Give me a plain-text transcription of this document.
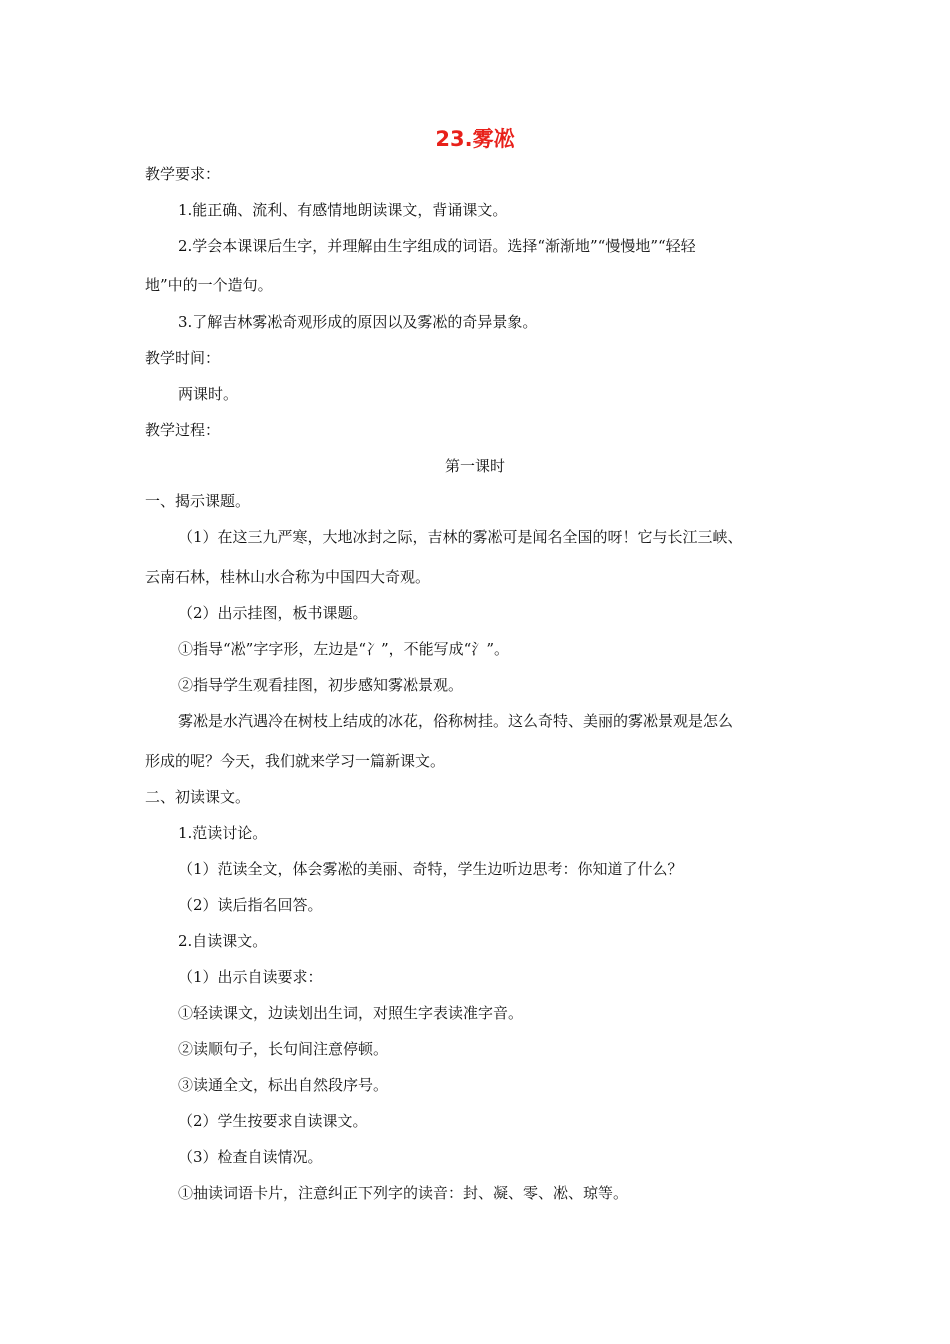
23.雾凇
教学要求：
1.能正确、流利、有感情地朗读课文，背诵课文。
2.学会本课课后生字，并理解由生字组成的词语。选择“渐渐地”“慢慢地”“轻轻
地”中的一个造句。
3.了解吉林雾凇奇观形成的原因以及雾凇的奇异景象。
教学时间：
两课时。
教学过程：
第一课时
一、揭示课题。
（1）在这三九严寒，大地冰封之际，吉林的雾凇可是闻名全国的呀！它与长江三峡、
云南石林，桂林山水合称为中国四大奇观。
（2）出示挂图，板书课题。
①指导“凇”字字形，左边是“冫”，不能写成“氵”。
②指导学生观看挂图，初步感知雾凇景观。
雾凇是水汽遇冷在树枝上结成的冰花，俗称树挂。这么奇特、美丽的雾凇景观是怎么
形成的呢？今天，我们就来学习一篇新课文。
二、初读课文。
1.范读讨论。
（1）范读全文，体会雾凇的美丽、奇特，学生边听边思考：你知道了什么？
（2）读后指名回答。
2.自读课文。
（1）出示自读要求：
①轻读课文，边读划出生词，对照生字表读准字音。
②读顺句子，长句间注意停顿。
③读通全文，标出自然段序号。
（2）学生按要求自读课文。
（3）检查自读情况。
①抽读词语卡片，注意纠正下列字的读音：封、凝、零、凇、琼等。
